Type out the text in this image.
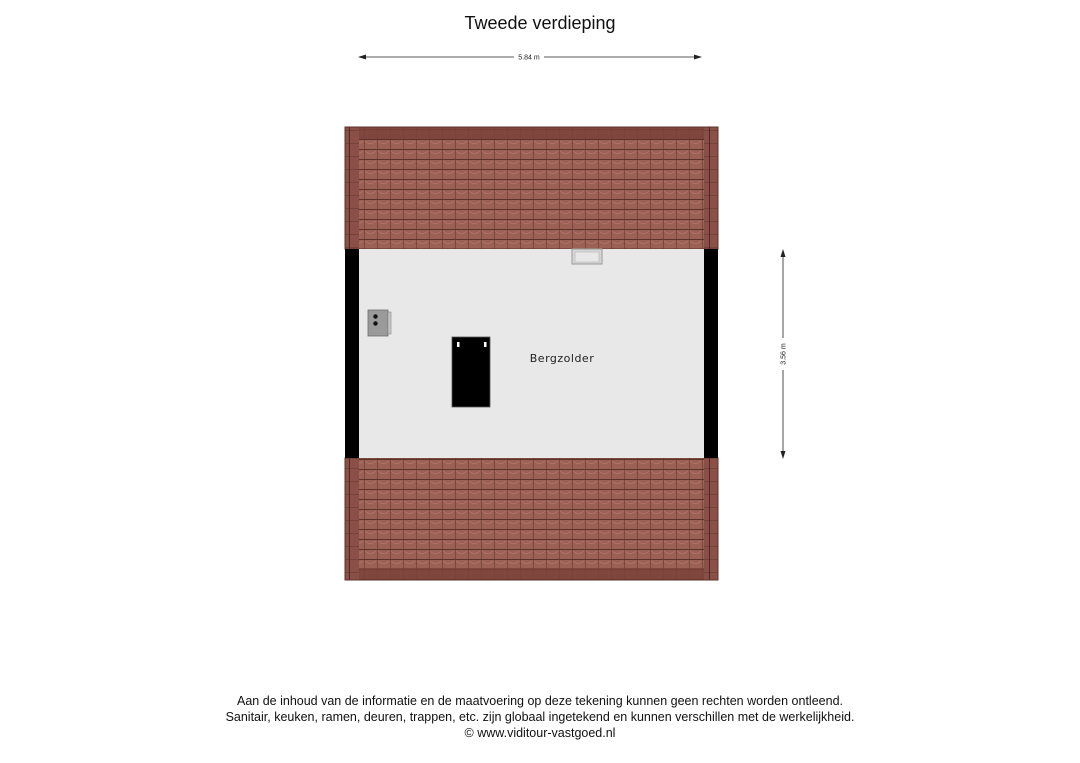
Tweede verdieping
5.84 m
3.56 m
Bergzolder
Aan de inhoud van de informatie en de maatvoering op deze tekening kunnen geen rechten worden ontleend.
Sanitair, keuken, ramen, deuren, trappen, etc. zijn globaal ingetekend en kunnen verschillen met de werkelijkheid.
© www.viditour-vastgoed.nl
